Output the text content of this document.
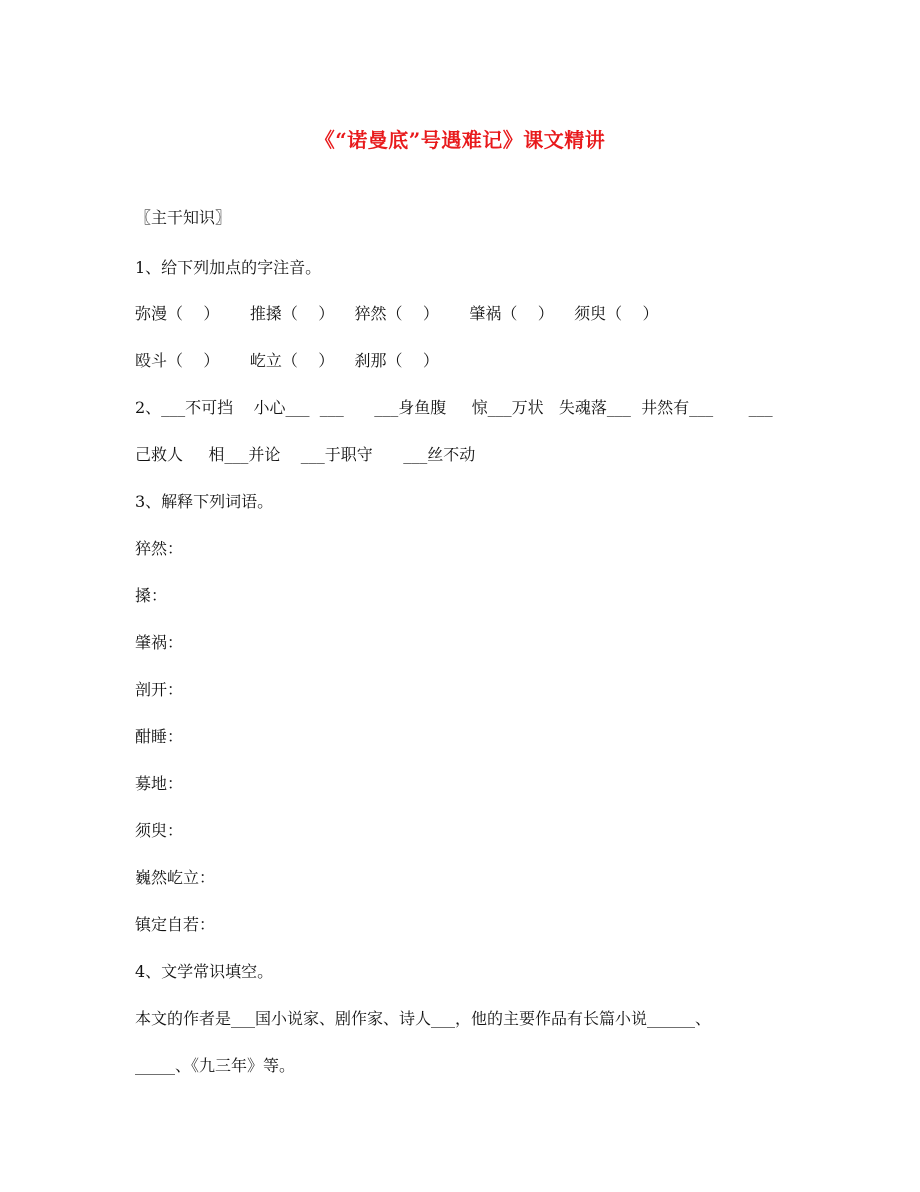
《“诺曼底”号遇难记》课文精讲
〖主干知识〗
1、给下列加点的字注音。
弥漫（    ）      推搡（    ）    猝然（    ）      肇祸（    ）    须臾（    ）
殴斗（    ）      屹立（    ）    刹那（    ）
2、___不可挡    小心___  ___      ___身鱼腹     惊___万状   失魂落___  井然有___       ___
己救人     相___并论    ___于职守      ___丝不动
3、解释下列词语。
猝然：
搡：
肇祸：
剖开：
酣睡：
募地：
须臾：
巍然屹立：
镇定自若：
4、文学常识填空。
本文的作者是___国小说家、剧作家、诗人___，他的主要作品有长篇小说______、
_____、《九三年》等。
